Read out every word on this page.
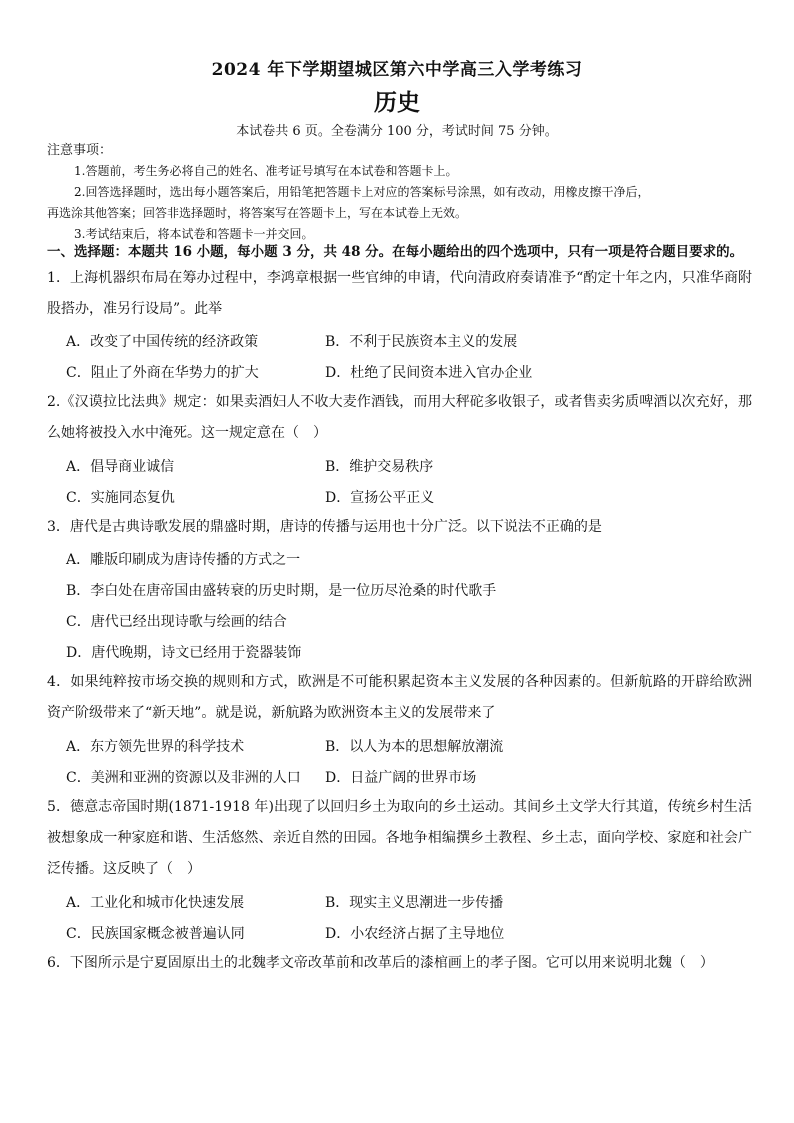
2024 年下学期望城区第六中学高三入学考练习
历史
本试卷共 6 页。全卷满分 100 分，考试时间 75 分钟。
注意事项：
1.答题前，考生务必将自己的姓名、准考证号填写在本试卷和答题卡上。
2.回答选择题时，选出每小题答案后，用铅笔把答题卡上对应的答案标号涂黑，如有改动，用橡皮擦干净后，
再选涂其他答案；回答非选择题时，将答案写在答题卡上，写在本试卷上无效。
3.考试结束后，将本试卷和答题卡一并交回。
一、选择题：本题共 16 小题，每小题 3 分，共 48 分。在每小题给出的四个选项中，只有一项是符合题目要求的。
1．上海机器织布局在筹办过程中，李鸿章根据一些官绅的申请，代向清政府奏请准予“酌定十年之内，只准华商附股搭办，准另行设局”。此举
A．改变了中国传统的经济政策	B．不利于民族资本主义的发展
C．阻止了外商在华势力的扩大	D．杜绝了民间资本进入官办企业
2.《汉谟拉比法典》规定：如果卖酒妇人不收大麦作酒钱，而用大秤砣多收银子，或者售卖劣质啤酒以次充好，那么她将被投入水中淹死。这一规定意在（　）
A．倡导商业诚信	B．维护交易秩序
C．实施同态复仇	D．宣扬公平正义
3．唐代是古典诗歌发展的鼎盛时期，唐诗的传播与运用也十分广泛。以下说法不正确的是
A．雕版印刷成为唐诗传播的方式之一
B．李白处在唐帝国由盛转衰的历史时期，是一位历尽沧桑的时代歌手
C．唐代已经出现诗歌与绘画的结合
D．唐代晚期，诗文已经用于瓷器装饰
4．如果纯粹按市场交换的规则和方式，欧洲是不可能积累起资本主义发展的各种因素的。但新航路的开辟给欧洲资产阶级带来了“新天地”。就是说，新航路为欧洲资本主义的发展带来了
A．东方领先世界的科学技术	B．以人为本的思想解放潮流
C．美洲和亚洲的资源以及非洲的人口 D．日益广阔的世界市场
5．德意志帝国时期(1871-1918 年)出现了以回归乡土为取向的乡土运动。其间乡土文学大行其道，传统乡村生活被想象成一种家庭和谐、生活悠然、亲近自然的田园。各地争相编撰乡土教程、乡土志，面向学校、家庭和社会广泛传播。这反映了（　）
A．工业化和城市化快速发展	B．现实主义思潮进一步传播
C．民族国家概念被普遍认同	D．小农经济占据了主导地位
6．下图所示是宁夏固原出土的北魏孝文帝改革前和改革后的漆棺画上的孝子图。它可以用来说明北魏（　）
